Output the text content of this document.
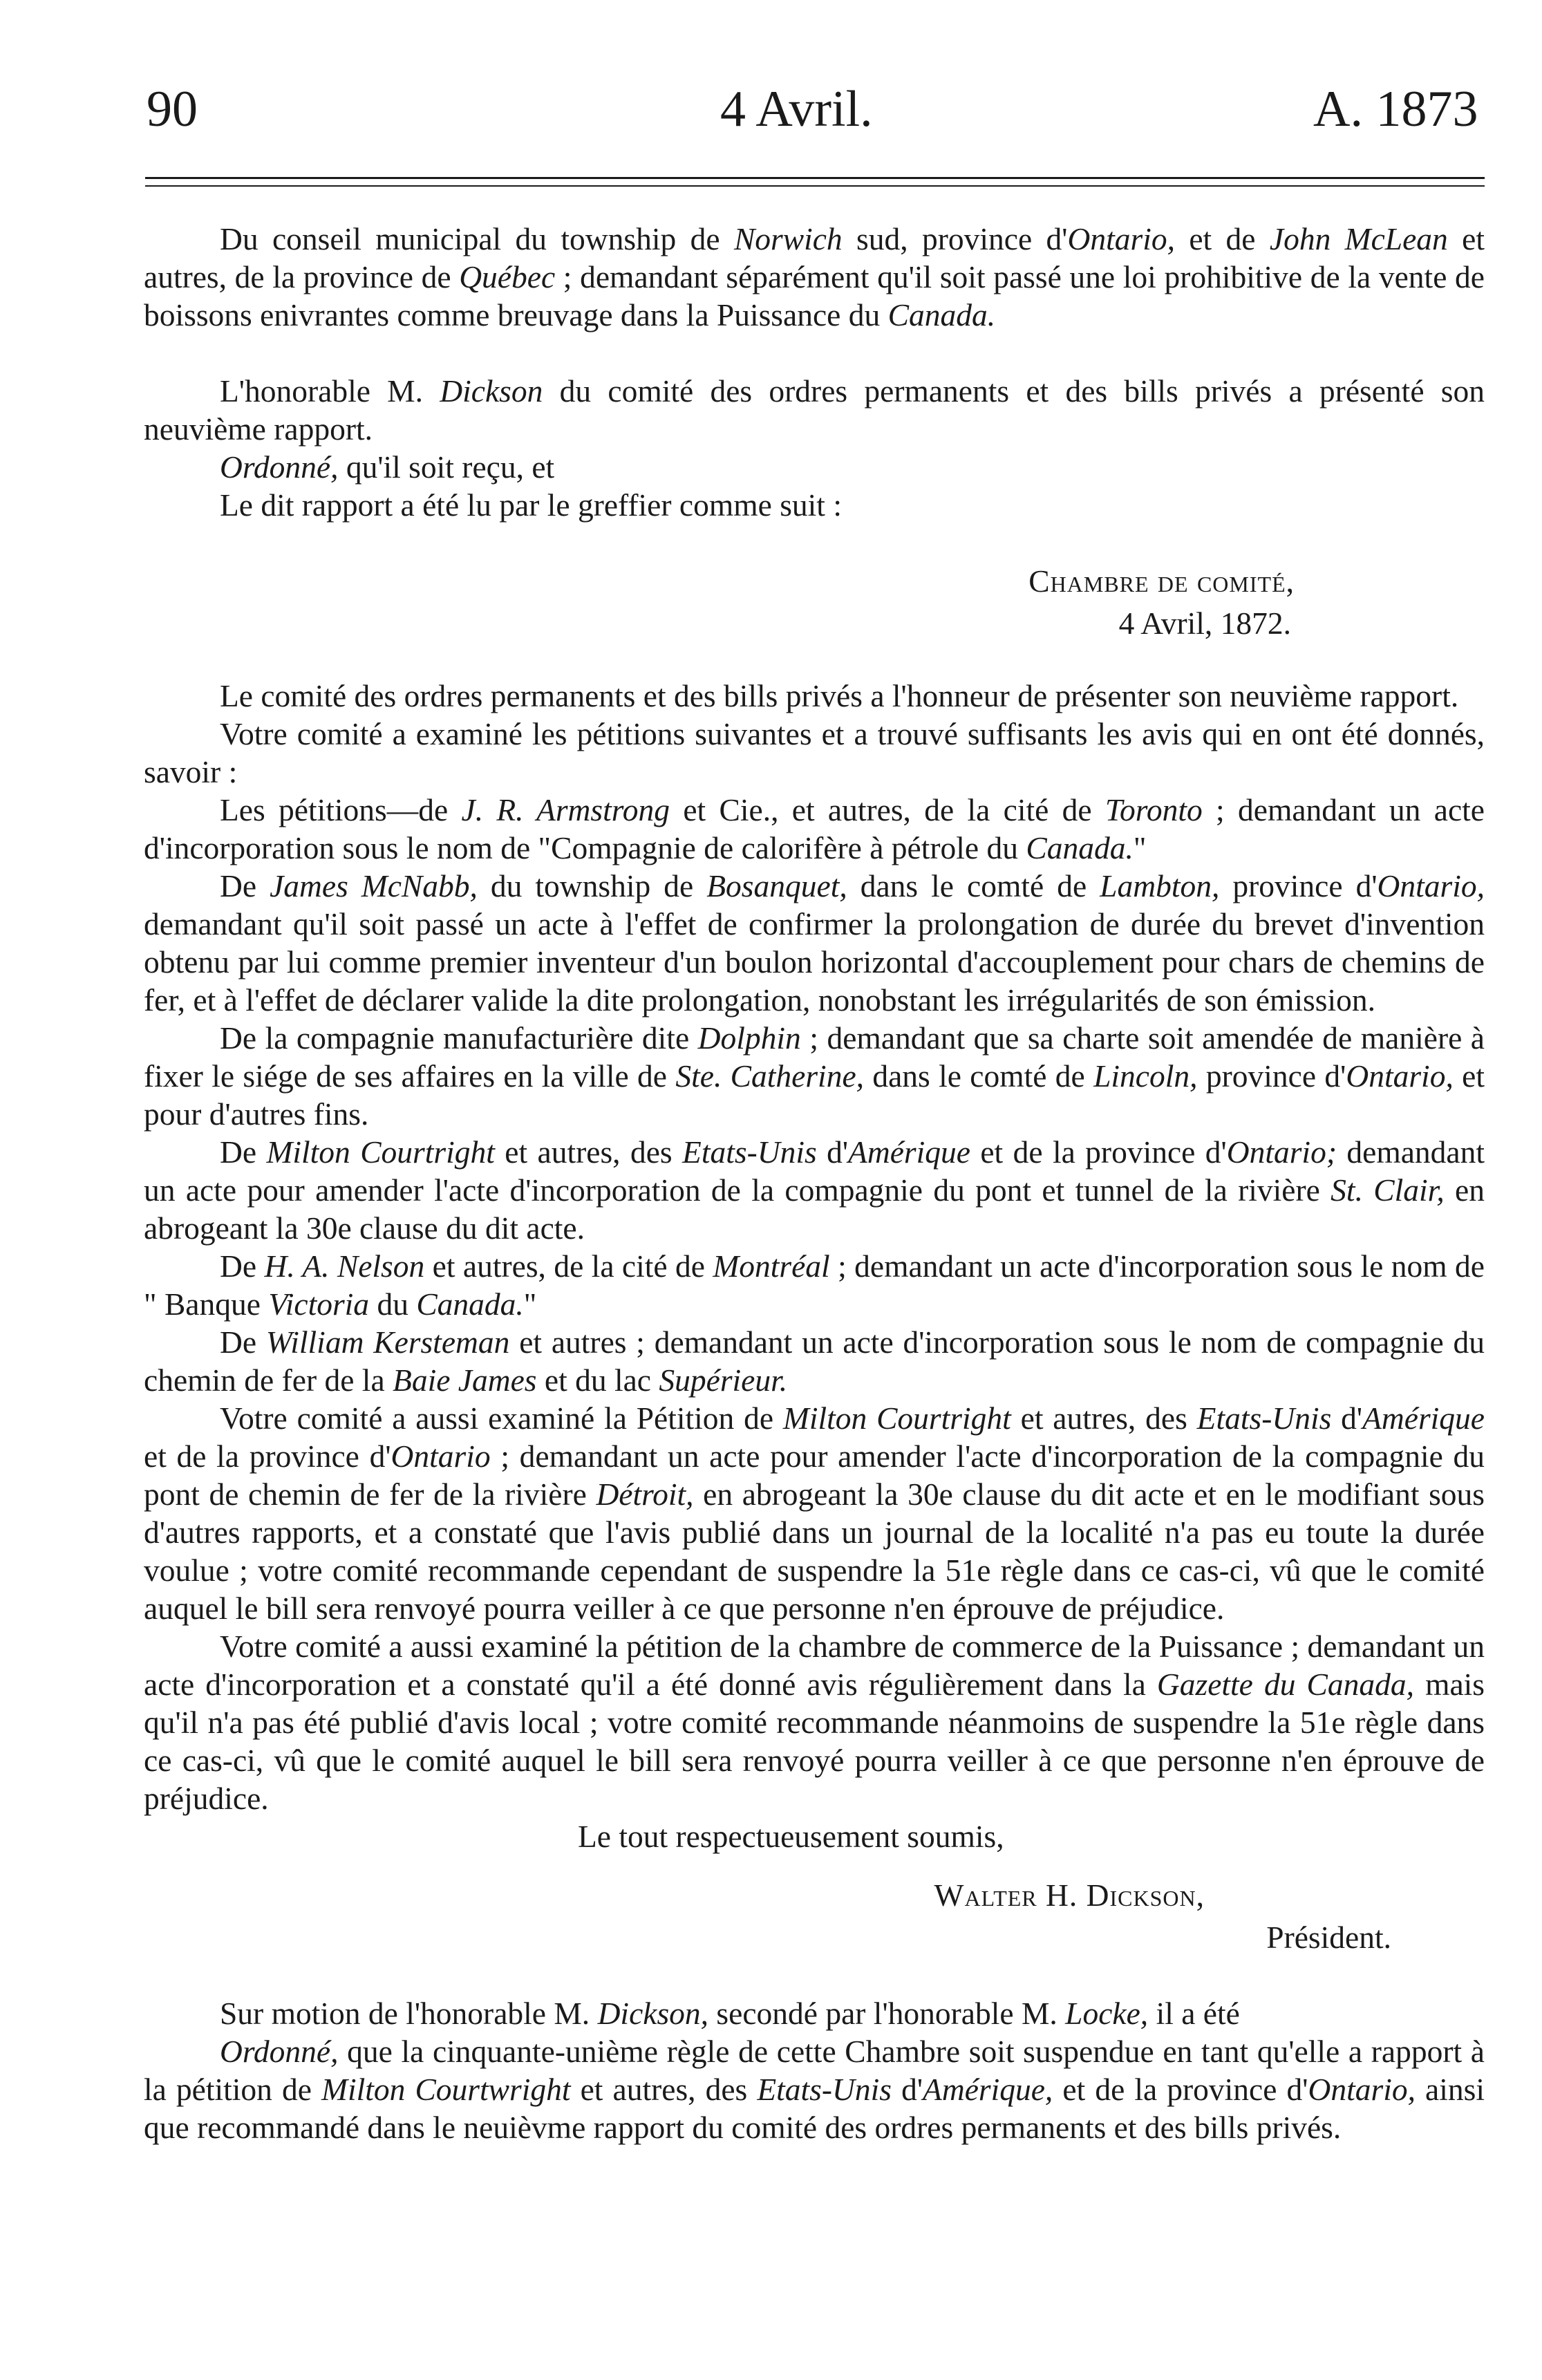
90	4 Avril.	A. 1873

Du conseil municipal du township de Norwich sud, province d'Ontario, et de John McLean et autres, de la province de Québec ; demandant séparément qu'il soit passé une loi prohibitive de la vente de boissons enivrantes comme breuvage dans la Puissance du Canada.

L'honorable M. Dickson du comité des ordres permanents et des bills privés a présenté son neuvième rapport.

Ordonné, qu'il soit reçu, et

Le dit rapport a été lu par le greffier comme suit :

Chambre de comité,

4 Avril, 1872.

Le comité des ordres permanents et des bills privés a l'honneur de présenter son neuvième rapport.

Votre comité a examiné les pétitions suivantes et a trouvé suffisants les avis qui en ont été donnés, savoir :

Les pétitions—de J. R. Armstrong et Cie., et autres, de la cité de Toronto ; demandant un acte d'incorporation sous le nom de "Compagnie de calorifère à pétrole du Canada."

De James McNabb, du township de Bosanquet, dans le comté de Lambton, province d'Ontario, demandant qu'il soit passé un acte à l'effet de confirmer la prolongation de durée du brevet d'invention obtenu par lui comme premier inventeur d'un boulon horizontal d'accouplement pour chars de chemins de fer, et à l'effet de déclarer valide la dite prolongation, nonobstant les irrégularités de son émission.

De la compagnie manufacturière dite Dolphin ; demandant que sa charte soit amendée de manière à fixer le siége de ses affaires en la ville de Ste. Catherine, dans le comté de Lincoln, province d'Ontario, et pour d'autres fins.

De Milton Courtright et autres, des Etats-Unis d'Amérique et de la province d'Ontario; demandant un acte pour amender l'acte d'incorporation de la compagnie du pont et tunnel de la rivière St. Clair, en abrogeant la 30e clause du dit acte.

De H. A. Nelson et autres, de la cité de Montréal ; demandant un acte d'incorporation sous le nom de " Banque Victoria du Canada."

De William Kersteman et autres ; demandant un acte d'incorporation sous le nom de compagnie du chemin de fer de la Baie James et du lac Supérieur.

Votre comité a aussi examiné la Pétition de Milton Courtright et autres, des Etats-Unis d'Amérique et de la province d'Ontario ; demandant un acte pour amender l'acte d'incorporation de la compagnie du pont de chemin de fer de la rivière Détroit, en abrogeant la 30e clause du dit acte et en le modifiant sous d'autres rapports, et a constaté que l'avis publié dans un journal de la localité n'a pas eu toute la durée voulue ; votre comité recommande cependant de suspendre la 51e règle dans ce cas-ci, vû que le comité auquel le bill sera renvoyé pourra veiller à ce que personne n'en éprouve de préjudice.

Votre comité a aussi examiné la pétition de la chambre de commerce de la Puissance ; demandant un acte d'incorporation et a constaté qu'il a été donné avis régulièrement dans la Gazette du Canada, mais qu'il n'a pas été publié d'avis local ; votre comité recommande néanmoins de suspendre la 51e règle dans ce cas-ci, vû que le comité auquel le bill sera renvoyé pourra veiller à ce que personne n'en éprouve de préjudice.

Le tout respectueusement soumis,

Walter H. Dickson,

Président.

Sur motion de l'honorable M. Dickson, secondé par l'honorable M. Locke, il a été

Ordonné, que la cinquante-unième règle de cette Chambre soit suspendue en tant qu'elle a rapport à la pétition de Milton Courtwright et autres, des Etats-Unis d'Amérique, et de la province d'Ontario, ainsi que recommandé dans le neuièvme rapport du comité des ordres permanents et des bills privés.
